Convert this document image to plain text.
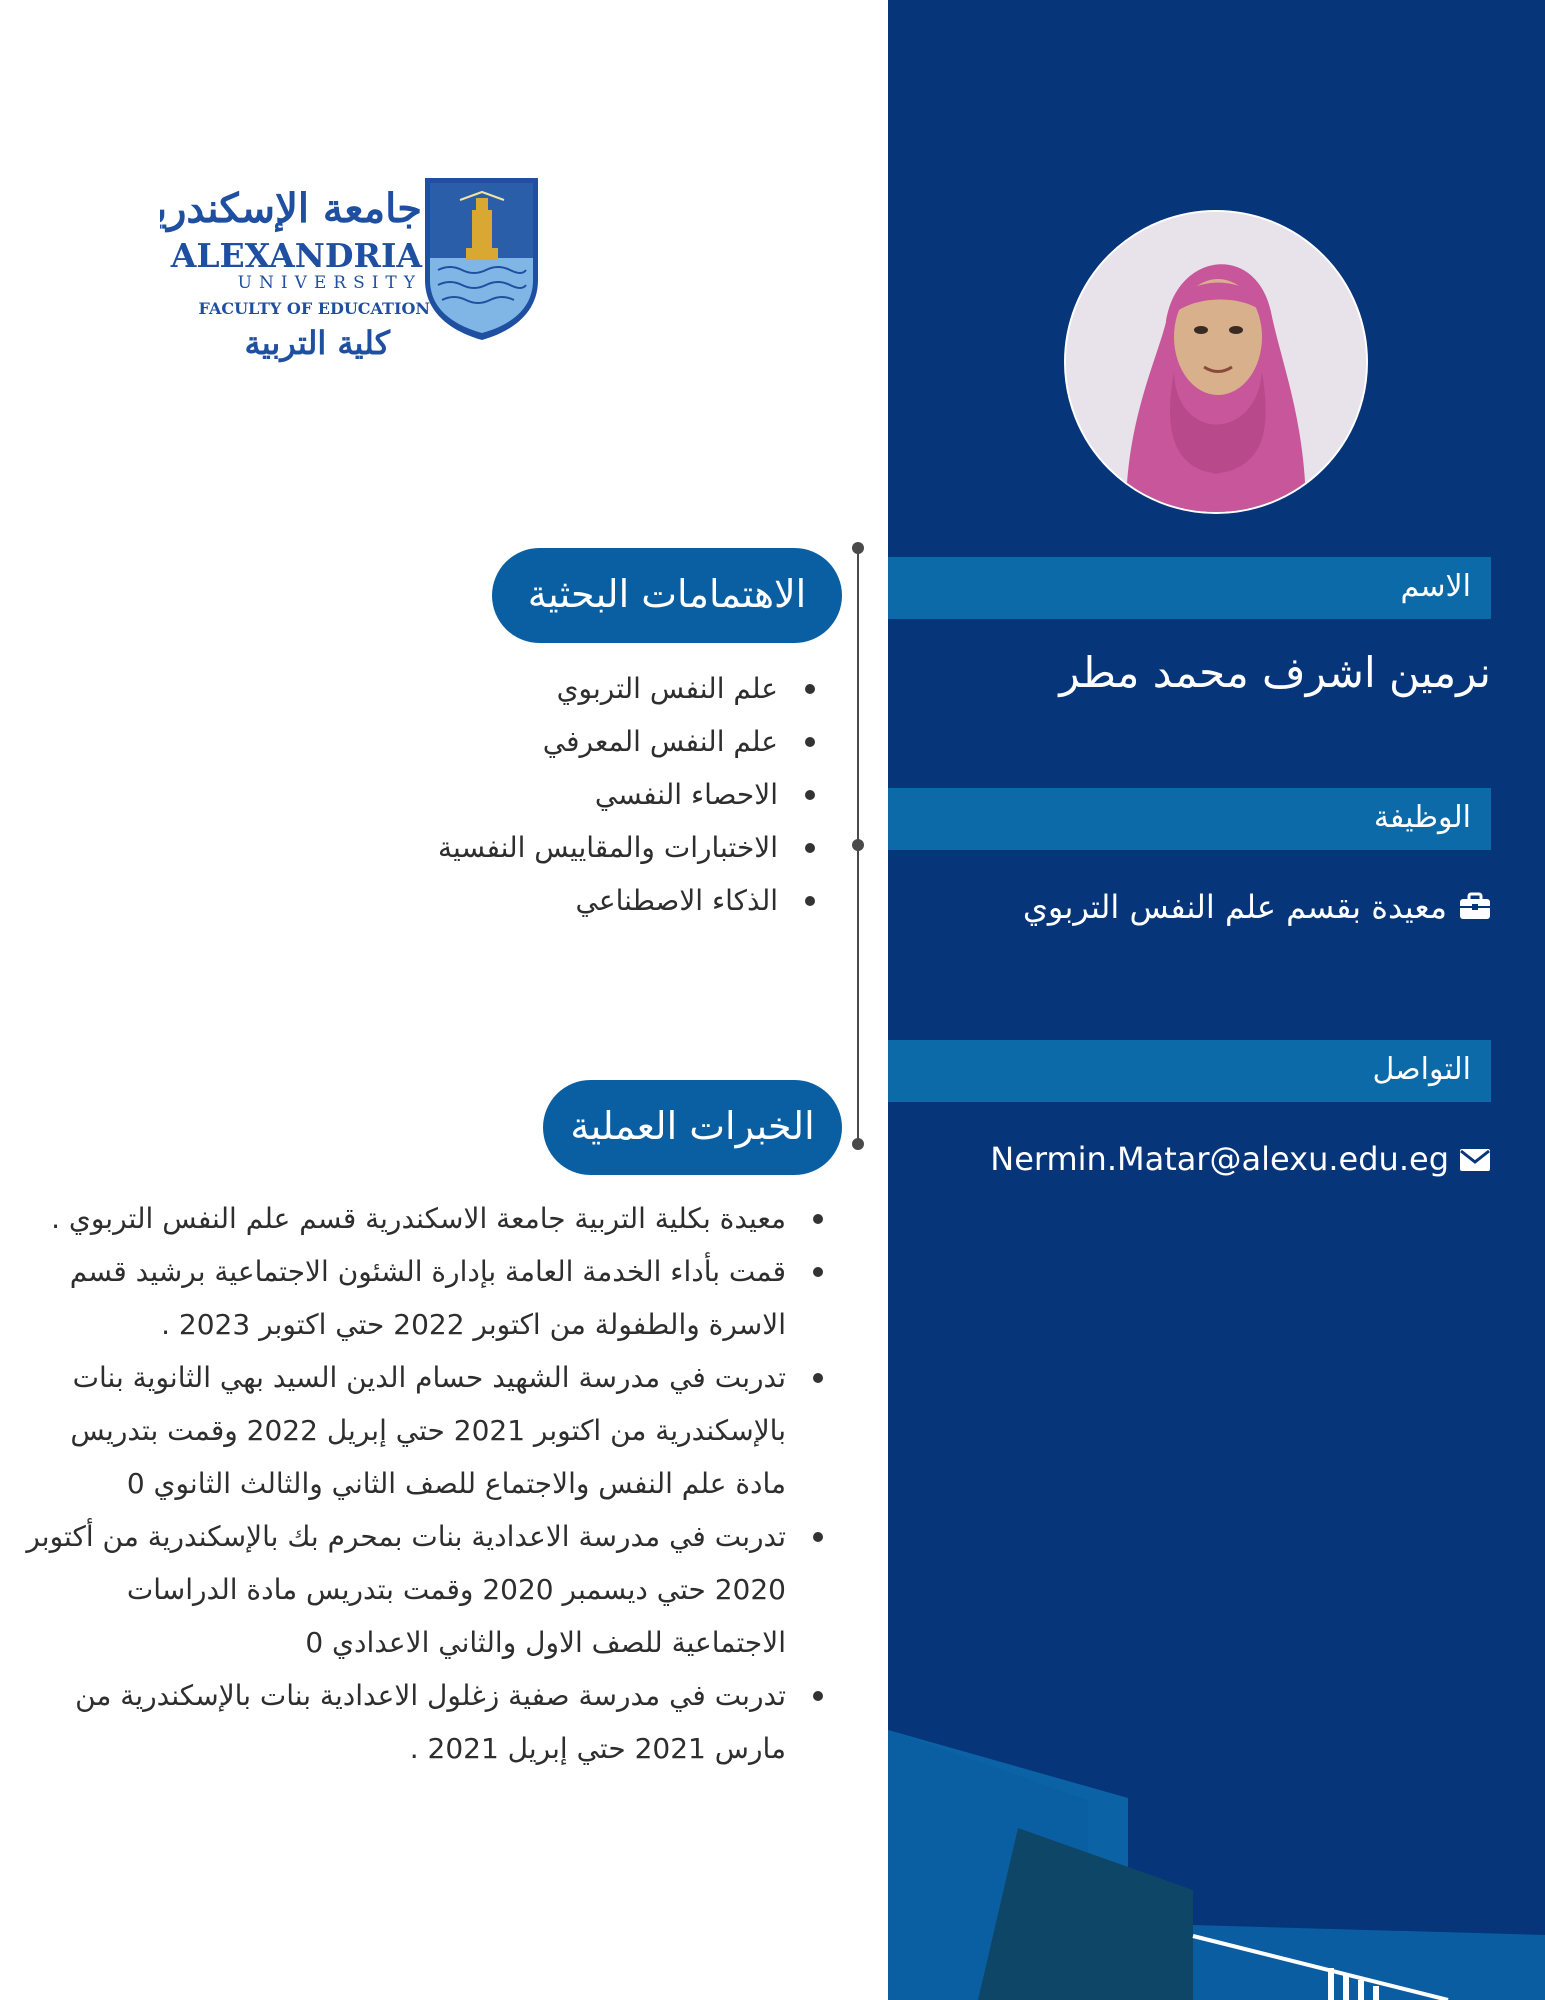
الاسم
نرمين اشرف محمد مطر
الوظيفة
معيدة بقسم علم النفس التربوي
التواصل
Nermin.Matar@alexu.edu.eg
جامعة الإسكندرية
ALEXANDRIA
UNIVERSITY
FACULTY OF EDUCATION
كلية التربية
الاهتمامات البحثية
علم النفس التربوي
علم النفس المعرفي
الاحصاء النفسي
الاختبارات والمقاييس النفسية
الذكاء الاصطناعي
الخبرات العملية
معيدة بكلية التربية جامعة الاسكندرية قسم علم النفس التربوي .
قمت بأداء الخدمة العامة بإدارة الشئون الاجتماعية برشيد قسم الاسرة والطفولة من اكتوبر 2022 حتي اكتوبر 2023 .
تدربت في مدرسة الشهيد حسام الدين السيد بهي الثانوية بنات بالإسكندرية من اكتوبر 2021 حتي إبريل 2022 وقمت بتدريس مادة علم النفس والاجتماع للصف الثاني والثالث الثانوي 0
تدربت في مدرسة الاعدادية بنات بمحرم بك بالإسكندرية من أكتوبر 2020 حتي ديسمبر 2020 وقمت بتدريس مادة الدراسات الاجتماعية للصف الاول والثاني الاعدادي 0
تدربت في مدرسة صفية زغلول الاعدادية بنات بالإسكندرية من مارس 2021 حتي إبريل 2021 .
